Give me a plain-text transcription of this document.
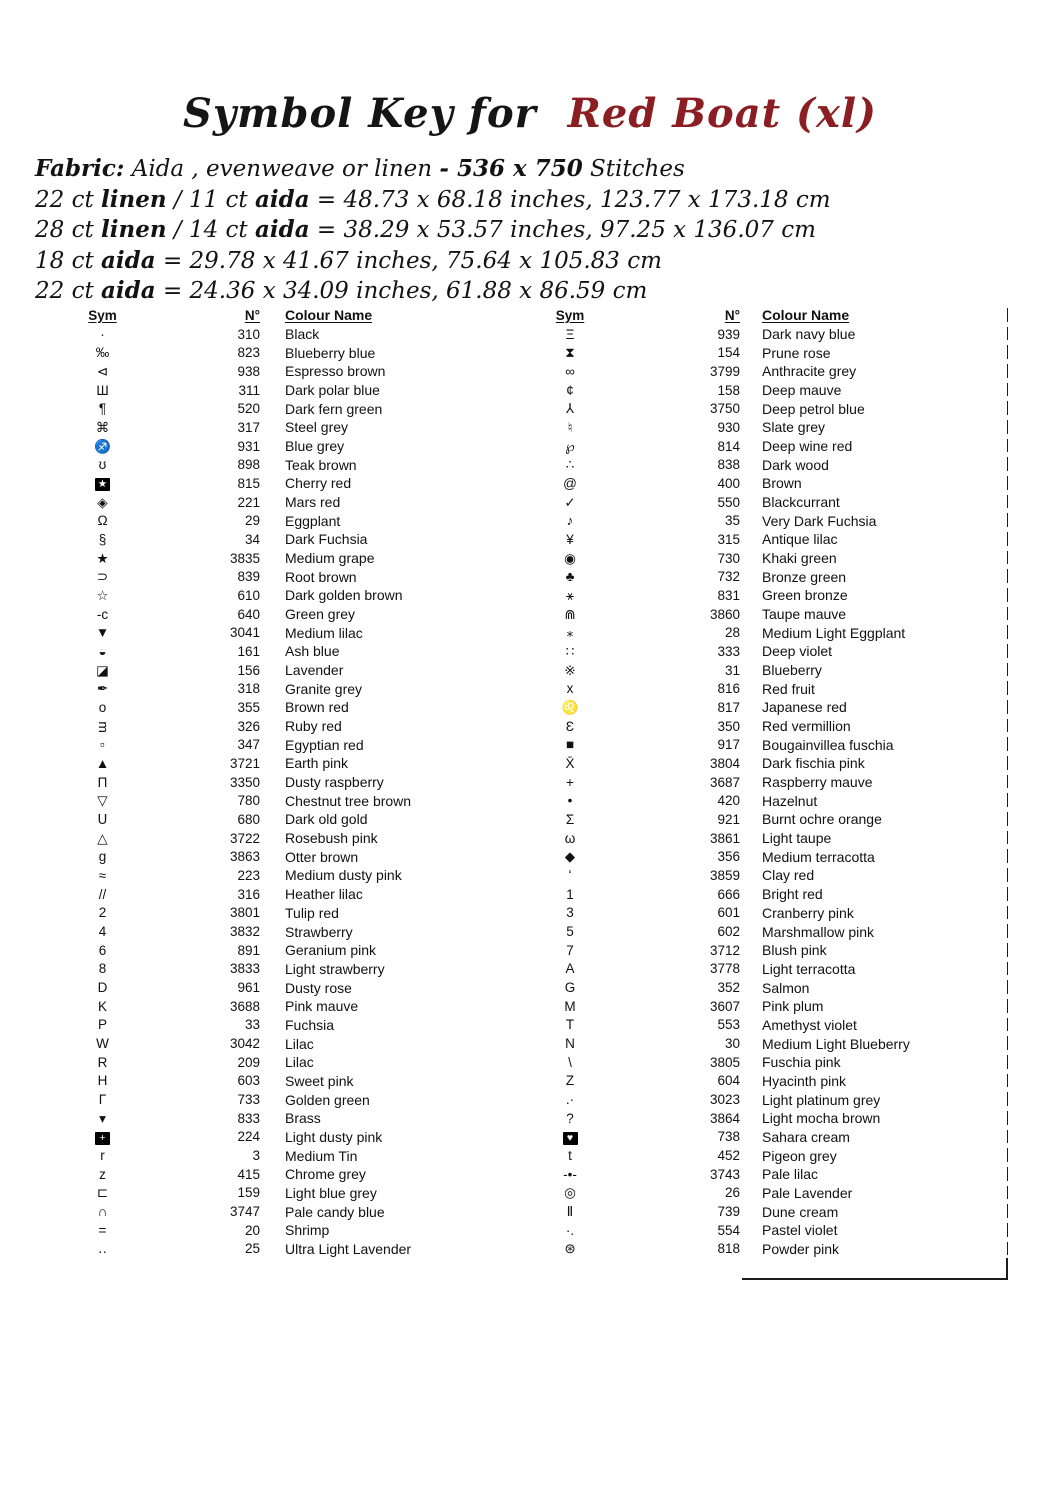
Symbol Key for Red Boat (xl)
Fabric: Aida , evenweave or linen - 536 x 750 Stitches
22 ct linen / 11 ct aida = 48.73 x 68.18 inches, 123.77 x 173.18 cm
28 ct linen / 14 ct aida = 38.29 x 53.57 inches, 97.25 x 136.07 cm
18 ct aida = 29.78 x 41.67 inches, 75.64 x 105.83 cm
22 ct aida = 24.36 x 34.09 inches, 61.88 x 86.59 cm
Sym	N°	Colour Name
·	310	Black
‰	823	Blueberry blue
⊲	938	Espresso brown
Ш	311	Dark polar blue
¶	520	Dark fern green
⌘	317	Steel grey
♐	931	Blue grey
ʊ	898	Teak brown
★	815	Cherry red
◈	221	Mars red
Ω	29	Eggplant
§	34	Dark Fuchsia
★	3835	Medium grape
⊃	839	Root brown
☆	610	Dark golden brown
-ᴄ	640	Green grey
▼	3041	Medium lilac
◒	161	Ash blue
◪	156	Lavender
✒	318	Granite grey
o	355	Brown red
ᴟ	326	Ruby red
▫	347	Egyptian red
▲	3721	Earth pink
Π	3350	Dusty raspberry
▽	780	Chestnut tree brown
ᑌ	680	Dark old gold
△	3722	Rosebush pink
g	3863	Otter brown
≈	223	Medium dusty pink
//	316	Heather lilac
2	3801	Tulip red
4	3832	Strawberry
6	891	Geranium pink
8	3833	Light strawberry
D	961	Dusty rose
K	3688	Pink mauve
P	33	Fuchsia
W	3042	Lilac
R	209	Lilac
H	603	Sweet pink
Γ	733	Golden green
▾	833	Brass
+	224	Light dusty pink
r	3	Medium Tin
z	415	Chrome grey
⊏	159	Light blue grey
∩	3747	Pale candy blue
=	20	Shrimp
‥	25	Ultra Light Lavender
Sym	N°	Colour Name
Ξ	939	Dark navy blue
⧗	154	Prune rose
∞	3799	Anthracite grey
¢	158	Deep mauve
⅄	3750	Deep petrol blue
♮	930	Slate grey
℘	814	Deep wine red
∴	838	Dark wood
@	400	Brown
✓	550	Blackcurrant
♪	35	Very Dark Fuchsia
¥	315	Antique lilac
◉	730	Khaki green
♣	732	Bronze green
⚹	831	Green bronze
⋒	3860	Taupe mauve
⁎	28	Medium Light Eggplant
∷	333	Deep violet
※	31	Blueberry
x	816	Red fruit
♌	817	Japanese red
Ɛ	350	Red vermillion
■	917	Bougainvillea fuschia
X̄	3804	Dark fischia pink
+	3687	Raspberry mauve
•	420	Hazelnut
Σ	921	Burnt ochre orange
ω	3861	Light taupe
◆	356	Medium terracotta
ʻ	3859	Clay red
1	666	Bright red
3	601	Cranberry pink
5	602	Marshmallow pink
7	3712	Blush pink
A	3778	Light terracotta
G	352	Salmon
M	3607	Pink plum
T	553	Amethyst violet
N	30	Medium Light Blueberry
\	3805	Fuschia pink
Z	604	Hyacinth pink
.·	3023	Light platinum grey
?	3864	Light mocha brown
♥	738	Sahara cream
t	452	Pigeon grey
-•-	3743	Pale lilac
◎	26	Pale Lavender
Ⅱ	739	Dune cream
·.	554	Pastel violet
⊛	818	Powder pink
